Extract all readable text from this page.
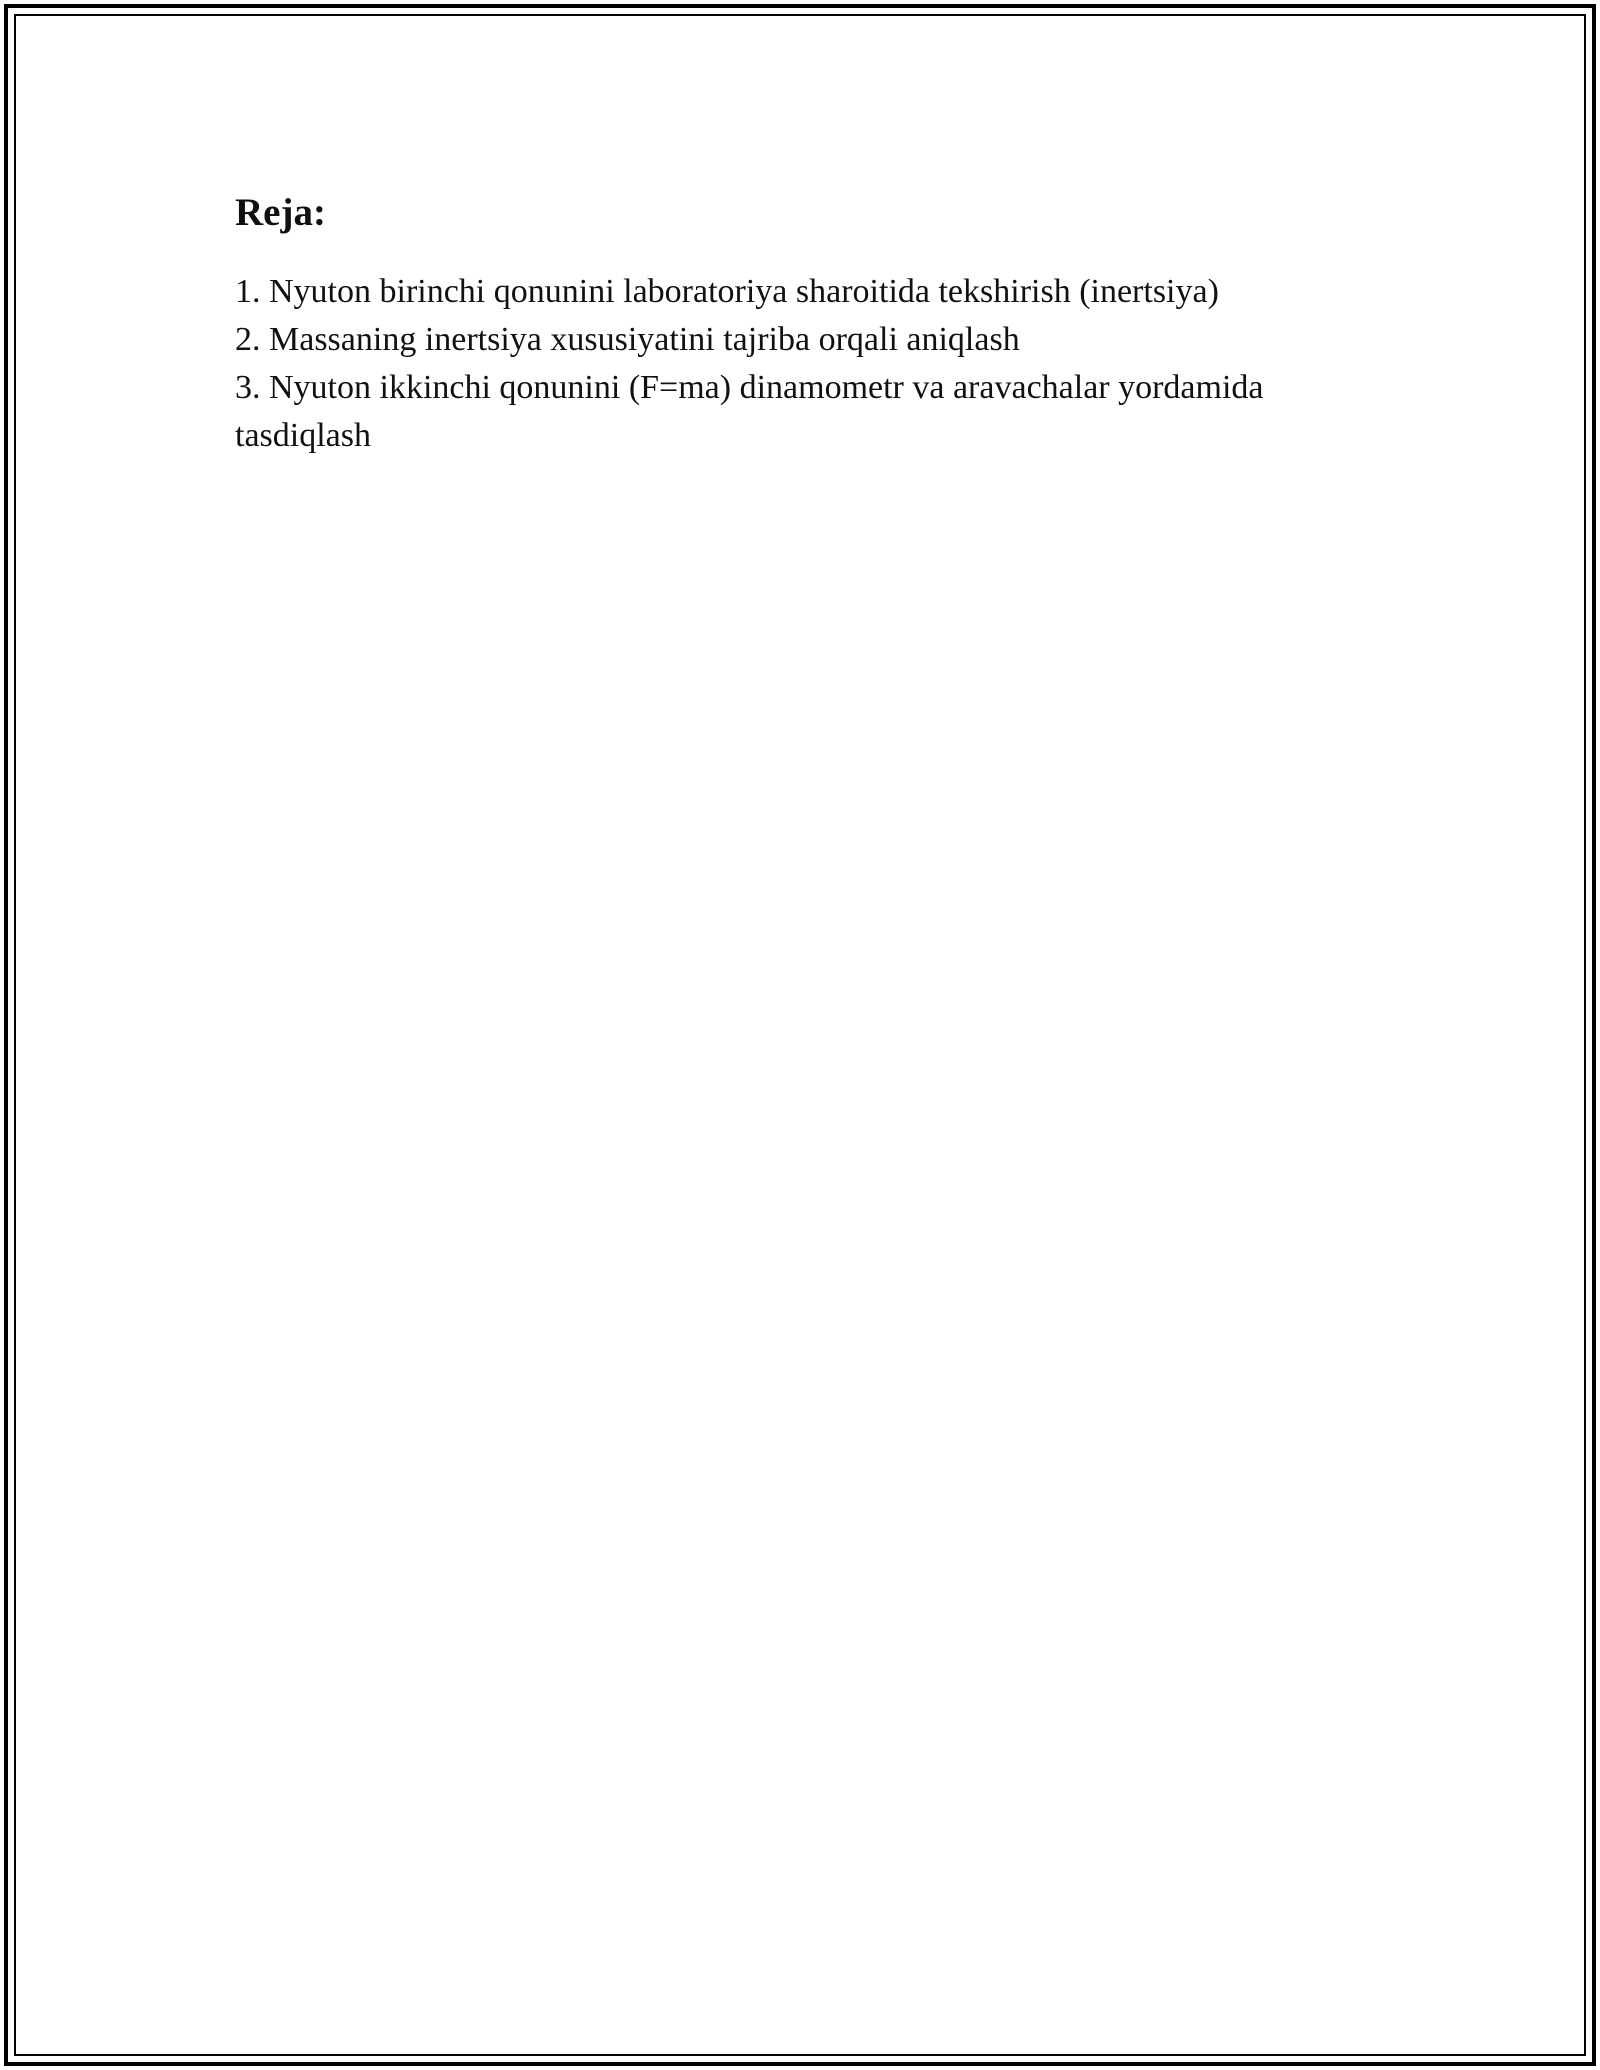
Reja:
1. Nyuton birinchi qonunini laboratoriya sharoitida tekshirish (inertsiya)
2. Massaning inertsiya xususiyatini tajriba orqali aniqlash
3. Nyuton ikkinchi qonunini (F=ma) dinamometr va aravachalar yordamida tasdiqlash
